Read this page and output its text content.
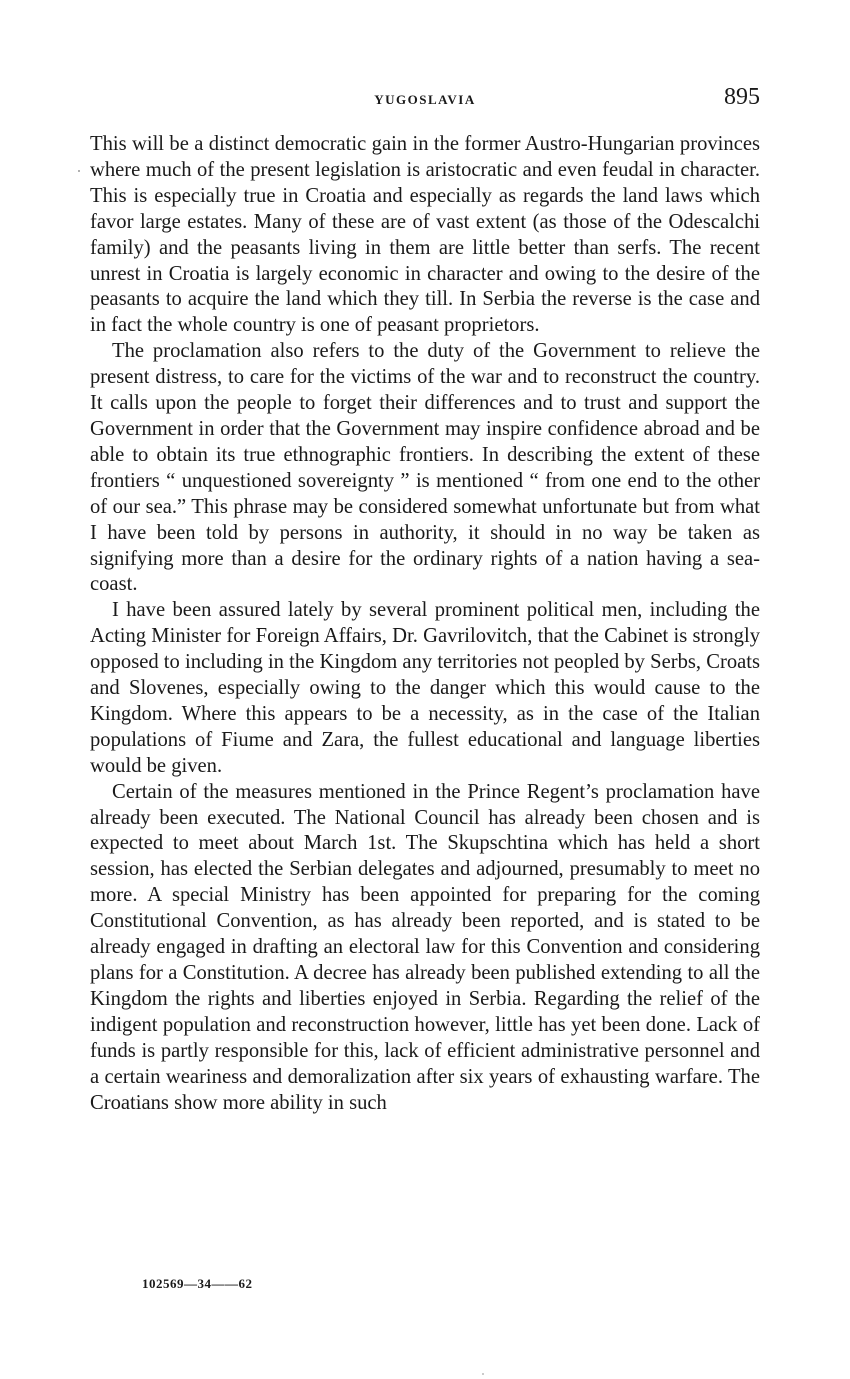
YUGOSLAVIA	895

This will be a distinct democratic gain in the former Austro-Hungarian provinces where much of the present legislation is aristocratic and even feudal in character. This is especially true in Croatia and especially as regards the land laws which favor large estates. Many of these are of vast extent (as those of the Odescalchi family) and the peasants living in them are little better than serfs. The recent unrest in Croatia is largely economic in character and owing to the desire of the peasants to acquire the land which they till. In Serbia the reverse is the case and in fact the whole country is one of peasant proprietors.

The proclamation also refers to the duty of the Government to relieve the present distress, to care for the victims of the war and to reconstruct the country. It calls upon the people to forget their differences and to trust and support the Government in order that the Government may inspire confidence abroad and be able to obtain its true ethnographic frontiers. In describing the extent of these frontiers “ unquestioned sovereignty ” is mentioned “ from one end to the other of our sea.” This phrase may be considered somewhat unfortunate but from what I have been told by persons in authority, it should in no way be taken as signifying more than a desire for the ordinary rights of a nation having a sea-coast.

I have been assured lately by several prominent political men, including the Acting Minister for Foreign Affairs, Dr. Gavrilovitch, that the Cabinet is strongly opposed to including in the Kingdom any territories not peopled by Serbs, Croats and Slovenes, especially owing to the danger which this would cause to the Kingdom. Where this appears to be a necessity, as in the case of the Italian populations of Fiume and Zara, the fullest educational and language liberties would be given.

Certain of the measures mentioned in the Prince Regent’s proclamation have already been executed. The National Council has already been chosen and is expected to meet about March 1st. The Skupschtina which has held a short session, has elected the Serbian delegates and adjourned, presumably to meet no more. A special Ministry has been appointed for preparing for the coming Constitutional Convention, as has already been reported, and is stated to be already engaged in drafting an electoral law for this Convention and considering plans for a Constitution. A decree has already been published extending to all the Kingdom the rights and liberties enjoyed in Serbia. Regarding the relief of the indigent population and reconstruction however, little has yet been done. Lack of funds is partly responsible for this, lack of efficient administrative personnel and a certain weariness and demoralization after six years of exhausting warfare. The Croatians show more ability in such

102569—34——62
